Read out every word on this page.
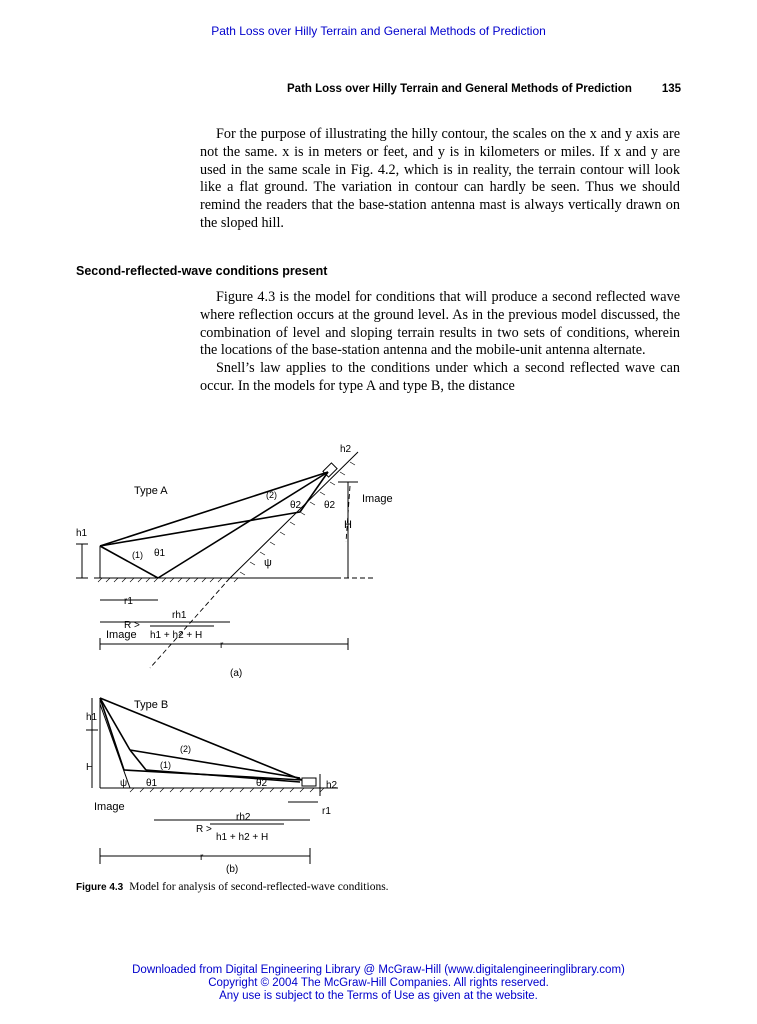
Path Loss over Hilly Terrain and General Methods of Prediction
Path Loss over Hilly Terrain and General Methods of Prediction	135

For the purpose of illustrating the hilly contour, the scales on the x and y axis are not the same. x is in meters or feet, and y is in kilometers or miles. If x and y are used in the same scale in Fig. 4.2, which is in reality, the terrain contour will look like a flat ground. The variation in contour can hardly be seen. Thus we should remind the readers that the base-station antenna mast is always vertically drawn on the sloped hill.

Second-reflected-wave conditions present

Figure 4.3 is the model for conditions that will produce a second reflected wave where reflection occurs at the ground level. As in the previous model discussed, the combination of level and sloping terrain results in two sets of conditions, wherein the locations of the base-station antenna and the mobile-unit antenna alternate.

Snell’s law applies to the conditions under which a second reflected wave can occur. In the models for type A and type B, the distance

Type A
h2
Image
(2)
θ2 θ2
H
h1
(1) θ1
ψ
r1
rh1
R >
h1 + h2 + H
Image
r
(a)
Type B
h1
H
(2)
(1)
ψ θ1	θ2	h2
Image	r1
rh2
R >
h1 + h2 + H
r
(b)
Figure 4.3 Model for analysis of second-reflected-wave conditions.
Downloaded from Digital Engineering Library @ McGraw-Hill (www.digitalengineeringlibrary.com)
Copyright © 2004 The McGraw-Hill Companies. All rights reserved.
Any use is subject to the Terms of Use as given at the website.
